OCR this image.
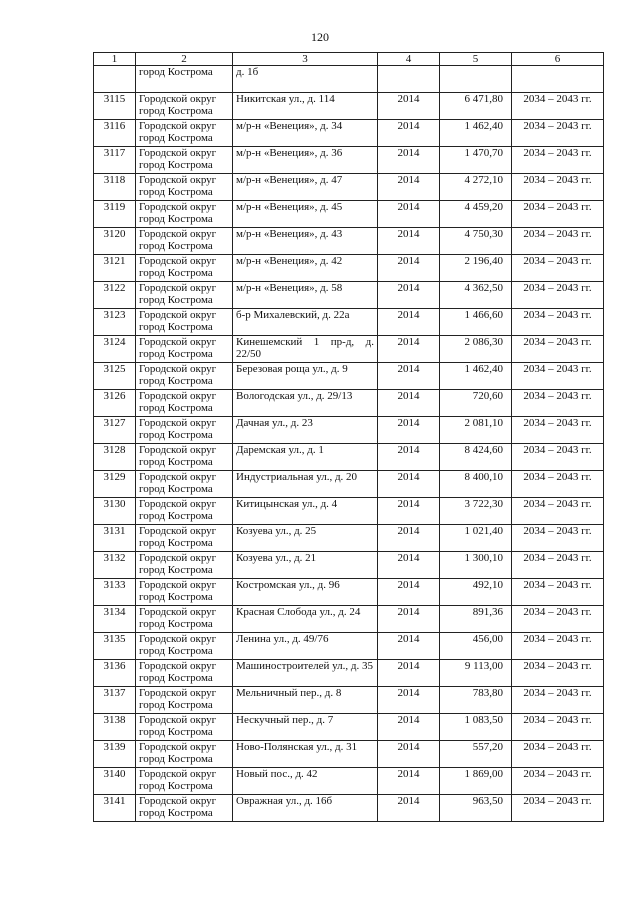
120
1	2	3	4	5	6
	город Кострома	д. 1б			
3115	Городской округ город Кострома	Никитская ул., д. 114	2014	6 471,80	2034 – 2043 гг.
3116	Городской округ город Кострома	м/р-н «Венеция», д. 34	2014	1 462,40	2034 – 2043 гг.
3117	Городской округ город Кострома	м/р-н «Венеция», д. 36	2014	1 470,70	2034 – 2043 гг.
3118	Городской округ город Кострома	м/р-н «Венеция», д. 47	2014	4 272,10	2034 – 2043 гг.
3119	Городской округ город Кострома	м/р-н «Венеция», д. 45	2014	4 459,20	2034 – 2043 гг.
3120	Городской округ город Кострома	м/р-н «Венеция», д. 43	2014	4 750,30	2034 – 2043 гг.
3121	Городской округ город Кострома	м/р-н «Венеция», д. 42	2014	2 196,40	2034 – 2043 гг.
3122	Городской округ город Кострома	м/р-н «Венеция», д. 58	2014	4 362,50	2034 – 2043 гг.
3123	Городской округ город Кострома	б-р Михалевский, д. 22а	2014	1 466,60	2034 – 2043 гг.
3124	Городской округ город Кострома	Кинешемский 1 пр-д, д. 22/50	2014	2 086,30	2034 – 2043 гг.
3125	Городской округ город Кострома	Березовая роща ул., д. 9	2014	1 462,40	2034 – 2043 гг.
3126	Городской округ город Кострома	Вологодская ул., д. 29/13	2014	720,60	2034 – 2043 гг.
3127	Городской округ город Кострома	Дачная ул., д. 23	2014	2 081,10	2034 – 2043 гг.
3128	Городской округ город Кострома	Даремская ул., д. 1	2014	8 424,60	2034 – 2043 гг.
3129	Городской округ город Кострома	Индустриальная ул., д. 20	2014	8 400,10	2034 – 2043 гг.
3130	Городской округ город Кострома	Китицынская ул., д. 4	2014	3 722,30	2034 – 2043 гг.
3131	Городской округ город Кострома	Козуева ул., д. 25	2014	1 021,40	2034 – 2043 гг.
3132	Городской округ город Кострома	Козуева ул., д. 21	2014	1 300,10	2034 – 2043 гг.
3133	Городской округ город Кострома	Костромская ул., д. 96	2014	492,10	2034 – 2043 гг.
3134	Городской округ город Кострома	Красная Слобода ул., д. 24	2014	891,36	2034 – 2043 гг.
3135	Городской округ город Кострома	Ленина ул., д. 49/76	2014	456,00	2034 – 2043 гг.
3136	Городской округ город Кострома	Машиностроителей ул., д. 35	2014	9 113,00	2034 – 2043 гг.
3137	Городской округ город Кострома	Мельничный пер., д. 8	2014	783,80	2034 – 2043 гг.
3138	Городской округ город Кострома	Нескучный пер., д. 7	2014	1 083,50	2034 – 2043 гг.
3139	Городской округ город Кострома	Ново-Полянская ул., д. 31	2014	557,20	2034 – 2043 гг.
3140	Городской округ город Кострома	Новый пос., д. 42	2014	1 869,00	2034 – 2043 гг.
3141	Городской округ город Кострома	Овражная ул., д. 16б	2014	963,50	2034 – 2043 гг.
